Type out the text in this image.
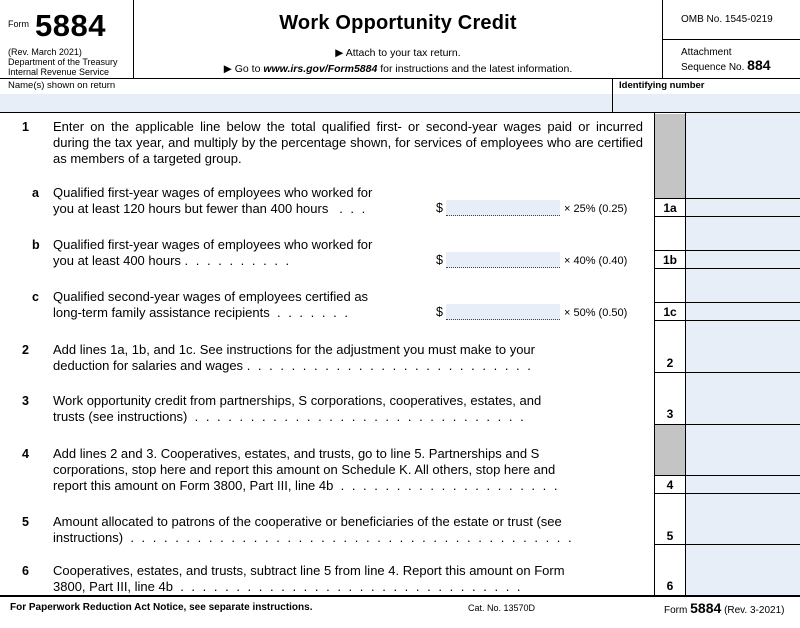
$^{Form}$ 5884
(Rev. March 2021)
Department of the Treasury
Internal Revenue Service
Work Opportunity Credit
▶ Attach to your tax return.
▶ Go to www.irs.gov/Form5884 for instructions and the latest information.
OMB No. 1545-0219
Attachment
Sequence No. 884
Name(s) shown on return	Identifying number
1 Enter on the applicable line below the total qualified first- or second-year wages paid or incurred during the tax year, and multiply by the percentage shown, for services of employees who are certified as members of a targeted group.
a Qualified first-year wages of employees who worked for
you at least 120 hours but fewer than 400 hours . . .	$	× 25% (0.25)	1a
b Qualified first-year wages of employees who worked for
you at least 400 hours . . . . . . . . . .	$	× 40% (0.40)	1b
c Qualified second-year wages of employees certified as
long-term family assistance recipients . . . . . . .	$	× 50% (0.50)	1c
2 Add lines 1a, 1b, and 1c. See instructions for the adjustment you must make to your
deduction for salaries and wages . . . . . . . . . . . . . . . . . . . . . . . . . .	2
3 Work opportunity credit from partnerships, S corporations, cooperatives, estates, and
trusts (see instructions) . . . . . . . . . . . . . . . . . . . . . . . . . . . . . .	3
4 Add lines 2 and 3. Cooperatives, estates, and trusts, go to line 5. Partnerships and S
corporations, stop here and report this amount on Schedule K. All others, stop here and
report this amount on Form 3800, Part III, line 4b . . . . . . . . . . . . . . . . . . . .	4
5 Amount allocated to patrons of the cooperative or beneficiaries of the estate or trust (see
instructions) . . . . . . . . . . . . . . . . . . . . . . . . . . . . . . . . . . . . . . . .	5
6 Cooperatives, estates, and trusts, subtract line 5 from line 4. Report this amount on Form
3800, Part III, line 4b . . . . . . . . . . . . . . . . . . . . . . . . . . . . . . .	6
For Paperwork Reduction Act Notice, see separate instructions.	Cat. No. 13570D	Form 5884 (Rev. 3-2021)
